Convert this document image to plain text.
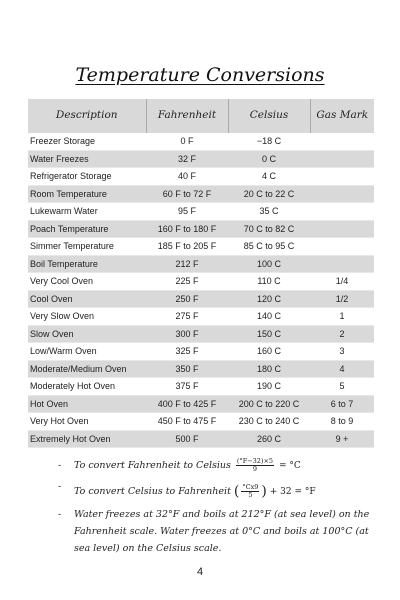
Temperature Conversions
Description	Fahrenheit	Celsius	Gas Mark
Freezer Storage	0 F	−18 C	
Water Freezes	32 F	0 C	
Refrigerator Storage	40 F	4 C	
Room Temperature	60 F to 72 F	20 C to 22 C	
Lukewarm Water	95 F	35 C	
Poach Temperature	160 F to 180 F	70 C to 82 C	
Simmer Temperature	185 F to 205 F	85 C to 95 C	
Boil Temperature	212 F	100 C	
Very Cool Oven	225 F	110 C	1/4
Cool Oven	250 F	120 C	1/2
Very Slow Oven	275 F	140 C	1
Slow Oven	300 F	150 C	2
Low/Warm Oven	325 F	160 C	3
Moderate/Medium Oven	350 F	180 C	4
Moderately Hot Oven	375 F	190 C	5
Hot Oven	400 F to 425 F	200 C to 220 C	6 to 7
Very Hot Oven	450 F to 475 F	230 C to 240 C	8 to 9
Extremely Hot Oven	500 F	260 C	9 +
- To convert Fahrenheit to Celsius $\frac{(^\circ F-32)\times 5}{9} = ^\circ C$
- To convert Celsius to Fahrenheit ( $\frac{^\circ Cx9}{5}$ ) + 32 = °F
- Water freezes at 32°F and boils at 212°F (at sea level) on the Fahrenheit scale. Water freezes at 0°C and boils at 100°C (at sea level) on the Celsius scale.
4
